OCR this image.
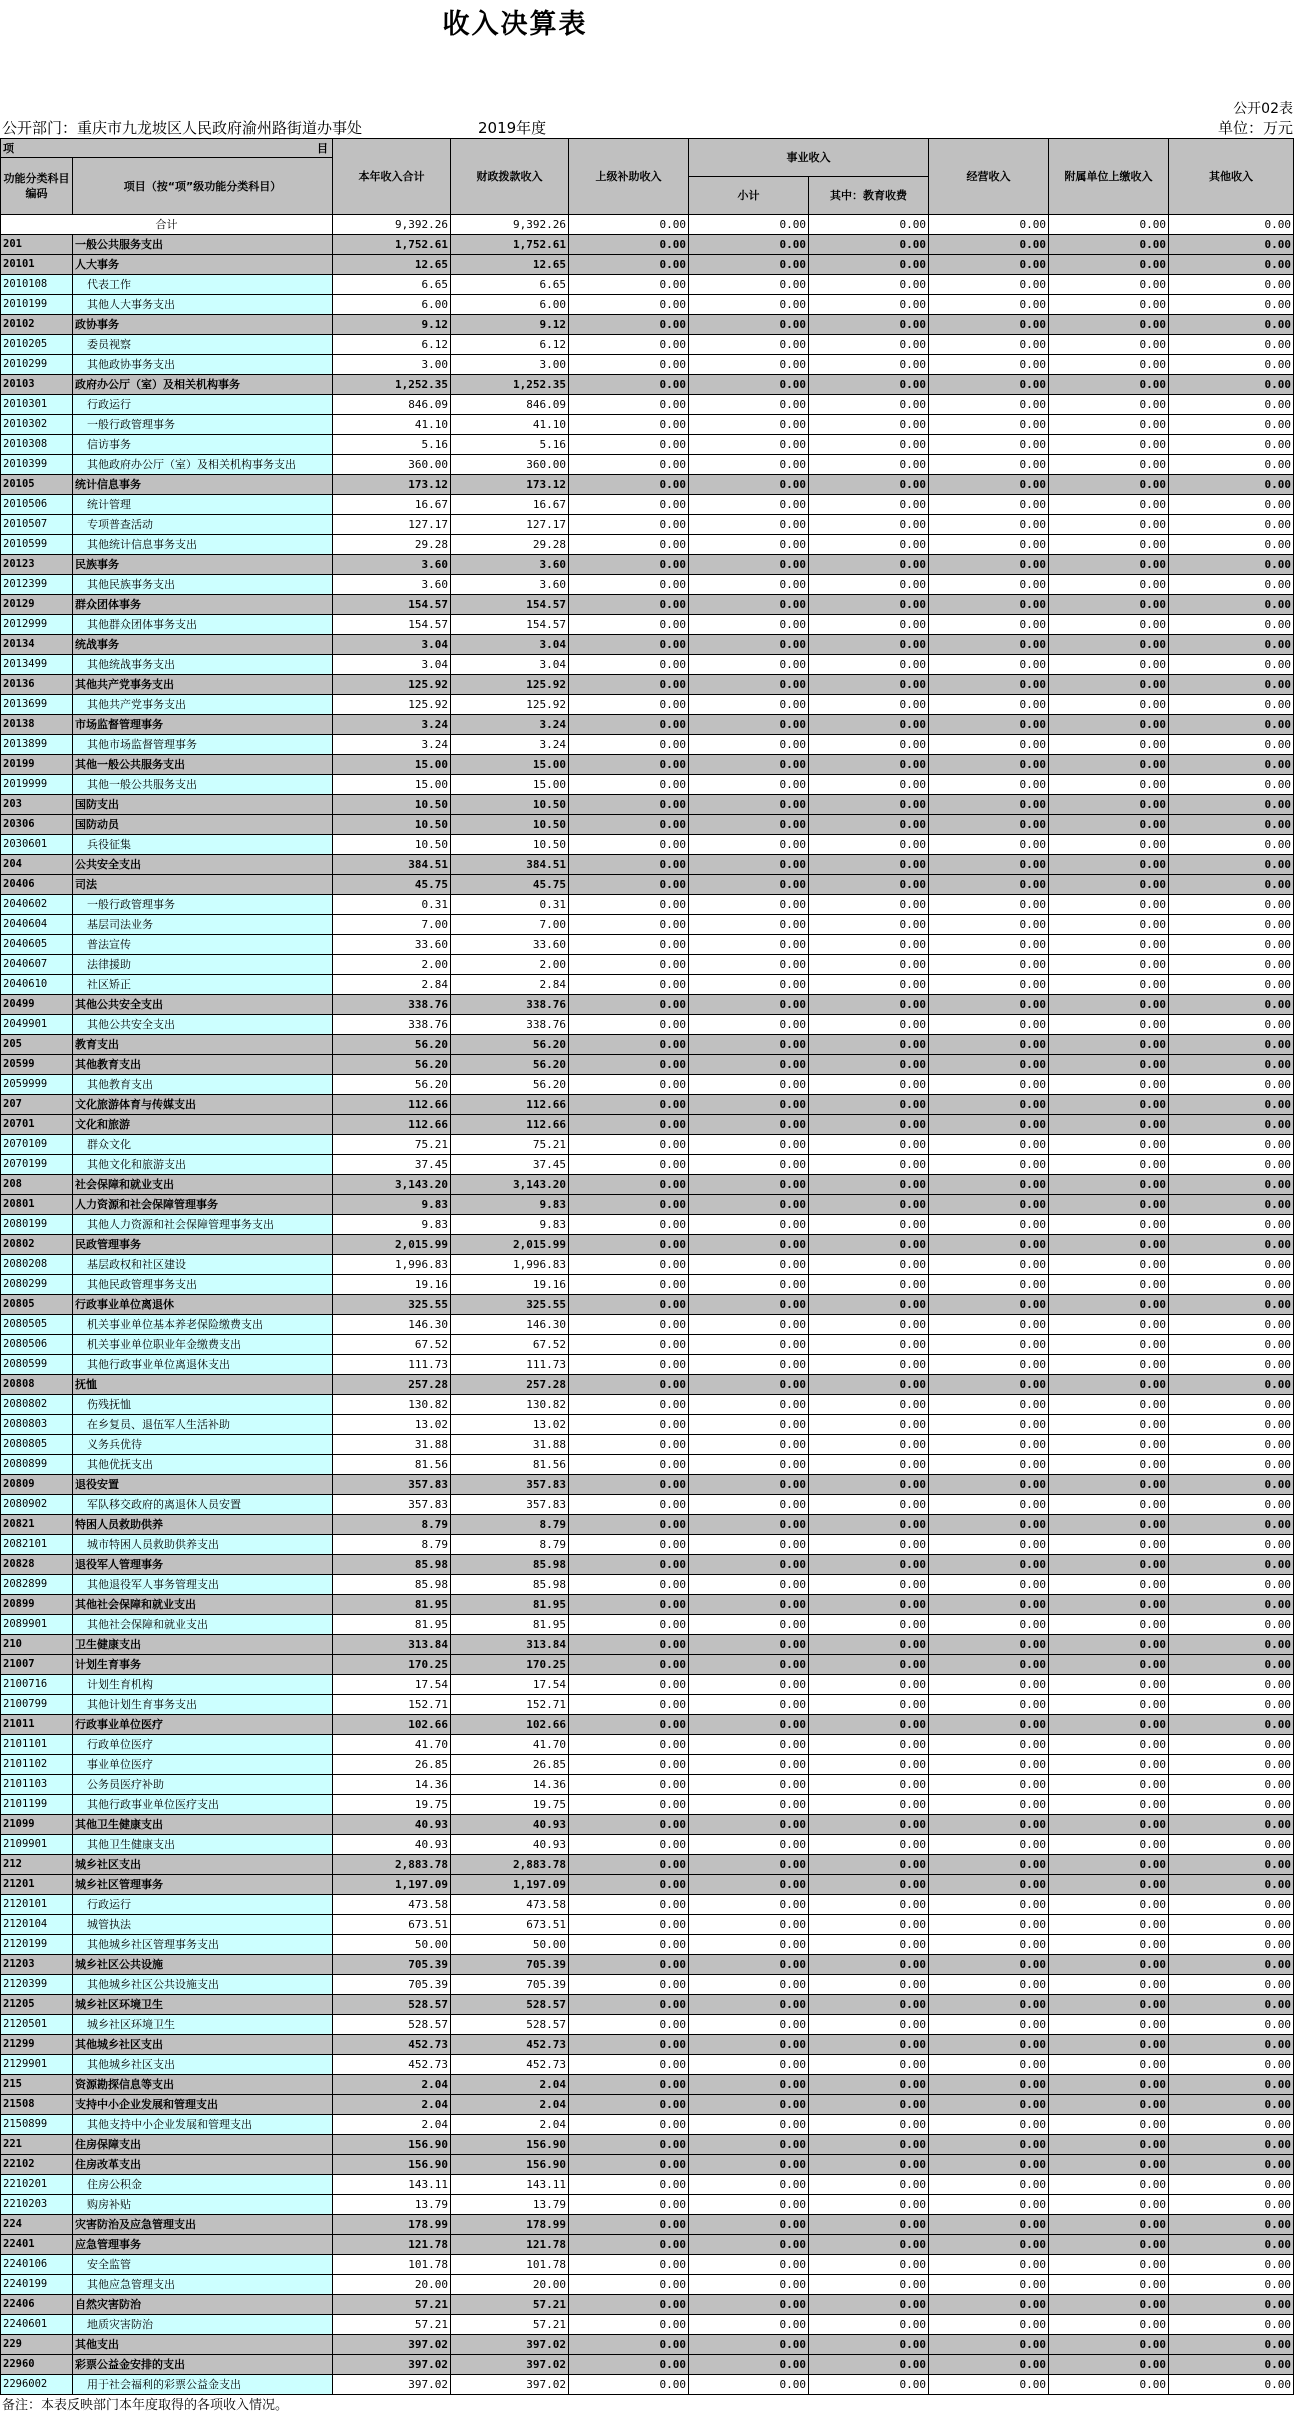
收入决算表
公开02表
公开部门：重庆市九龙坡区人民政府渝州路街道办事处	2019年度	单位：万元
项 目		本年收入合计	财政拨款收入	上级补助收入	事业收入		经营收入	附属单位上缴收入	其他收入
功能分类科目编码	项目（按“项”级功能分类科目）								
					小计	其中：教育收费			
合计		9,392.26	9,392.26	0.00	0.00	0.00	0.00	0.00	0.00
201	一般公共服务支出	1,752.61	1,752.61	0.00	0.00	0.00	0.00	0.00	0.00
20101	人大事务	12.65	12.65	0.00	0.00	0.00	0.00	0.00	0.00
2010108	代表工作	6.65	6.65	0.00	0.00	0.00	0.00	0.00	0.00
2010199	其他人大事务支出	6.00	6.00	0.00	0.00	0.00	0.00	0.00	0.00
20102	政协事务	9.12	9.12	0.00	0.00	0.00	0.00	0.00	0.00
2010205	委员视察	6.12	6.12	0.00	0.00	0.00	0.00	0.00	0.00
2010299	其他政协事务支出	3.00	3.00	0.00	0.00	0.00	0.00	0.00	0.00
20103	政府办公厅（室）及相关机构事务	1,252.35	1,252.35	0.00	0.00	0.00	0.00	0.00	0.00
2010301	行政运行	846.09	846.09	0.00	0.00	0.00	0.00	0.00	0.00
2010302	一般行政管理事务	41.10	41.10	0.00	0.00	0.00	0.00	0.00	0.00
2010308	信访事务	5.16	5.16	0.00	0.00	0.00	0.00	0.00	0.00
2010399	其他政府办公厅（室）及相关机构事务支出	360.00	360.00	0.00	0.00	0.00	0.00	0.00	0.00
20105	统计信息事务	173.12	173.12	0.00	0.00	0.00	0.00	0.00	0.00
2010506	统计管理	16.67	16.67	0.00	0.00	0.00	0.00	0.00	0.00
2010507	专项普查活动	127.17	127.17	0.00	0.00	0.00	0.00	0.00	0.00
2010599	其他统计信息事务支出	29.28	29.28	0.00	0.00	0.00	0.00	0.00	0.00
20123	民族事务	3.60	3.60	0.00	0.00	0.00	0.00	0.00	0.00
2012399	其他民族事务支出	3.60	3.60	0.00	0.00	0.00	0.00	0.00	0.00
20129	群众团体事务	154.57	154.57	0.00	0.00	0.00	0.00	0.00	0.00
2012999	其他群众团体事务支出	154.57	154.57	0.00	0.00	0.00	0.00	0.00	0.00
20134	统战事务	3.04	3.04	0.00	0.00	0.00	0.00	0.00	0.00
2013499	其他统战事务支出	3.04	3.04	0.00	0.00	0.00	0.00	0.00	0.00
20136	其他共产党事务支出	125.92	125.92	0.00	0.00	0.00	0.00	0.00	0.00
2013699	其他共产党事务支出	125.92	125.92	0.00	0.00	0.00	0.00	0.00	0.00
20138	市场监督管理事务	3.24	3.24	0.00	0.00	0.00	0.00	0.00	0.00
2013899	其他市场监督管理事务	3.24	3.24	0.00	0.00	0.00	0.00	0.00	0.00
20199	其他一般公共服务支出	15.00	15.00	0.00	0.00	0.00	0.00	0.00	0.00
2019999	其他一般公共服务支出	15.00	15.00	0.00	0.00	0.00	0.00	0.00	0.00
203	国防支出	10.50	10.50	0.00	0.00	0.00	0.00	0.00	0.00
20306	国防动员	10.50	10.50	0.00	0.00	0.00	0.00	0.00	0.00
2030601	兵役征集	10.50	10.50	0.00	0.00	0.00	0.00	0.00	0.00
204	公共安全支出	384.51	384.51	0.00	0.00	0.00	0.00	0.00	0.00
20406	司法	45.75	45.75	0.00	0.00	0.00	0.00	0.00	0.00
2040602	一般行政管理事务	0.31	0.31	0.00	0.00	0.00	0.00	0.00	0.00
2040604	基层司法业务	7.00	7.00	0.00	0.00	0.00	0.00	0.00	0.00
2040605	普法宣传	33.60	33.60	0.00	0.00	0.00	0.00	0.00	0.00
2040607	法律援助	2.00	2.00	0.00	0.00	0.00	0.00	0.00	0.00
2040610	社区矫正	2.84	2.84	0.00	0.00	0.00	0.00	0.00	0.00
20499	其他公共安全支出	338.76	338.76	0.00	0.00	0.00	0.00	0.00	0.00
2049901	其他公共安全支出	338.76	338.76	0.00	0.00	0.00	0.00	0.00	0.00
205	教育支出	56.20	56.20	0.00	0.00	0.00	0.00	0.00	0.00
20599	其他教育支出	56.20	56.20	0.00	0.00	0.00	0.00	0.00	0.00
2059999	其他教育支出	56.20	56.20	0.00	0.00	0.00	0.00	0.00	0.00
207	文化旅游体育与传媒支出	112.66	112.66	0.00	0.00	0.00	0.00	0.00	0.00
20701	文化和旅游	112.66	112.66	0.00	0.00	0.00	0.00	0.00	0.00
2070109	群众文化	75.21	75.21	0.00	0.00	0.00	0.00	0.00	0.00
2070199	其他文化和旅游支出	37.45	37.45	0.00	0.00	0.00	0.00	0.00	0.00
208	社会保障和就业支出	3,143.20	3,143.20	0.00	0.00	0.00	0.00	0.00	0.00
20801	人力资源和社会保障管理事务	9.83	9.83	0.00	0.00	0.00	0.00	0.00	0.00
2080199	其他人力资源和社会保障管理事务支出	9.83	9.83	0.00	0.00	0.00	0.00	0.00	0.00
20802	民政管理事务	2,015.99	2,015.99	0.00	0.00	0.00	0.00	0.00	0.00
2080208	基层政权和社区建设	1,996.83	1,996.83	0.00	0.00	0.00	0.00	0.00	0.00
2080299	其他民政管理事务支出	19.16	19.16	0.00	0.00	0.00	0.00	0.00	0.00
20805	行政事业单位离退休	325.55	325.55	0.00	0.00	0.00	0.00	0.00	0.00
2080505	机关事业单位基本养老保险缴费支出	146.30	146.30	0.00	0.00	0.00	0.00	0.00	0.00
2080506	机关事业单位职业年金缴费支出	67.52	67.52	0.00	0.00	0.00	0.00	0.00	0.00
2080599	其他行政事业单位离退休支出	111.73	111.73	0.00	0.00	0.00	0.00	0.00	0.00
20808	抚恤	257.28	257.28	0.00	0.00	0.00	0.00	0.00	0.00
2080802	伤残抚恤	130.82	130.82	0.00	0.00	0.00	0.00	0.00	0.00
2080803	在乡复员、退伍军人生活补助	13.02	13.02	0.00	0.00	0.00	0.00	0.00	0.00
2080805	义务兵优待	31.88	31.88	0.00	0.00	0.00	0.00	0.00	0.00
2080899	其他优抚支出	81.56	81.56	0.00	0.00	0.00	0.00	0.00	0.00
20809	退役安置	357.83	357.83	0.00	0.00	0.00	0.00	0.00	0.00
2080902	军队移交政府的离退休人员安置	357.83	357.83	0.00	0.00	0.00	0.00	0.00	0.00
20821	特困人员救助供养	8.79	8.79	0.00	0.00	0.00	0.00	0.00	0.00
2082101	城市特困人员救助供养支出	8.79	8.79	0.00	0.00	0.00	0.00	0.00	0.00
20828	退役军人管理事务	85.98	85.98	0.00	0.00	0.00	0.00	0.00	0.00
2082899	其他退役军人事务管理支出	85.98	85.98	0.00	0.00	0.00	0.00	0.00	0.00
20899	其他社会保障和就业支出	81.95	81.95	0.00	0.00	0.00	0.00	0.00	0.00
2089901	其他社会保障和就业支出	81.95	81.95	0.00	0.00	0.00	0.00	0.00	0.00
210	卫生健康支出	313.84	313.84	0.00	0.00	0.00	0.00	0.00	0.00
21007	计划生育事务	170.25	170.25	0.00	0.00	0.00	0.00	0.00	0.00
2100716	计划生育机构	17.54	17.54	0.00	0.00	0.00	0.00	0.00	0.00
2100799	其他计划生育事务支出	152.71	152.71	0.00	0.00	0.00	0.00	0.00	0.00
21011	行政事业单位医疗	102.66	102.66	0.00	0.00	0.00	0.00	0.00	0.00
2101101	行政单位医疗	41.70	41.70	0.00	0.00	0.00	0.00	0.00	0.00
2101102	事业单位医疗	26.85	26.85	0.00	0.00	0.00	0.00	0.00	0.00
2101103	公务员医疗补助	14.36	14.36	0.00	0.00	0.00	0.00	0.00	0.00
2101199	其他行政事业单位医疗支出	19.75	19.75	0.00	0.00	0.00	0.00	0.00	0.00
21099	其他卫生健康支出	40.93	40.93	0.00	0.00	0.00	0.00	0.00	0.00
2109901	其他卫生健康支出	40.93	40.93	0.00	0.00	0.00	0.00	0.00	0.00
212	城乡社区支出	2,883.78	2,883.78	0.00	0.00	0.00	0.00	0.00	0.00
21201	城乡社区管理事务	1,197.09	1,197.09	0.00	0.00	0.00	0.00	0.00	0.00
2120101	行政运行	473.58	473.58	0.00	0.00	0.00	0.00	0.00	0.00
2120104	城管执法	673.51	673.51	0.00	0.00	0.00	0.00	0.00	0.00
2120199	其他城乡社区管理事务支出	50.00	50.00	0.00	0.00	0.00	0.00	0.00	0.00
21203	城乡社区公共设施	705.39	705.39	0.00	0.00	0.00	0.00	0.00	0.00
2120399	其他城乡社区公共设施支出	705.39	705.39	0.00	0.00	0.00	0.00	0.00	0.00
21205	城乡社区环境卫生	528.57	528.57	0.00	0.00	0.00	0.00	0.00	0.00
2120501	城乡社区环境卫生	528.57	528.57	0.00	0.00	0.00	0.00	0.00	0.00
21299	其他城乡社区支出	452.73	452.73	0.00	0.00	0.00	0.00	0.00	0.00
2129901	其他城乡社区支出	452.73	452.73	0.00	0.00	0.00	0.00	0.00	0.00
215	资源勘探信息等支出	2.04	2.04	0.00	0.00	0.00	0.00	0.00	0.00
21508	支持中小企业发展和管理支出	2.04	2.04	0.00	0.00	0.00	0.00	0.00	0.00
2150899	其他支持中小企业发展和管理支出	2.04	2.04	0.00	0.00	0.00	0.00	0.00	0.00
221	住房保障支出	156.90	156.90	0.00	0.00	0.00	0.00	0.00	0.00
22102	住房改革支出	156.90	156.90	0.00	0.00	0.00	0.00	0.00	0.00
2210201	住房公积金	143.11	143.11	0.00	0.00	0.00	0.00	0.00	0.00
2210203	购房补贴	13.79	13.79	0.00	0.00	0.00	0.00	0.00	0.00
224	灾害防治及应急管理支出	178.99	178.99	0.00	0.00	0.00	0.00	0.00	0.00
22401	应急管理事务	121.78	121.78	0.00	0.00	0.00	0.00	0.00	0.00
2240106	安全监管	101.78	101.78	0.00	0.00	0.00	0.00	0.00	0.00
2240199	其他应急管理支出	20.00	20.00	0.00	0.00	0.00	0.00	0.00	0.00
22406	自然灾害防治	57.21	57.21	0.00	0.00	0.00	0.00	0.00	0.00
2240601	地质灾害防治	57.21	57.21	0.00	0.00	0.00	0.00	0.00	0.00
229	其他支出	397.02	397.02	0.00	0.00	0.00	0.00	0.00	0.00
22960	彩票公益金安排的支出	397.02	397.02	0.00	0.00	0.00	0.00	0.00	0.00
2296002	用于社会福利的彩票公益金支出	397.02	397.02	0.00	0.00	0.00	0.00	0.00	0.00
备注：本表反映部门本年度取得的各项收入情况。
